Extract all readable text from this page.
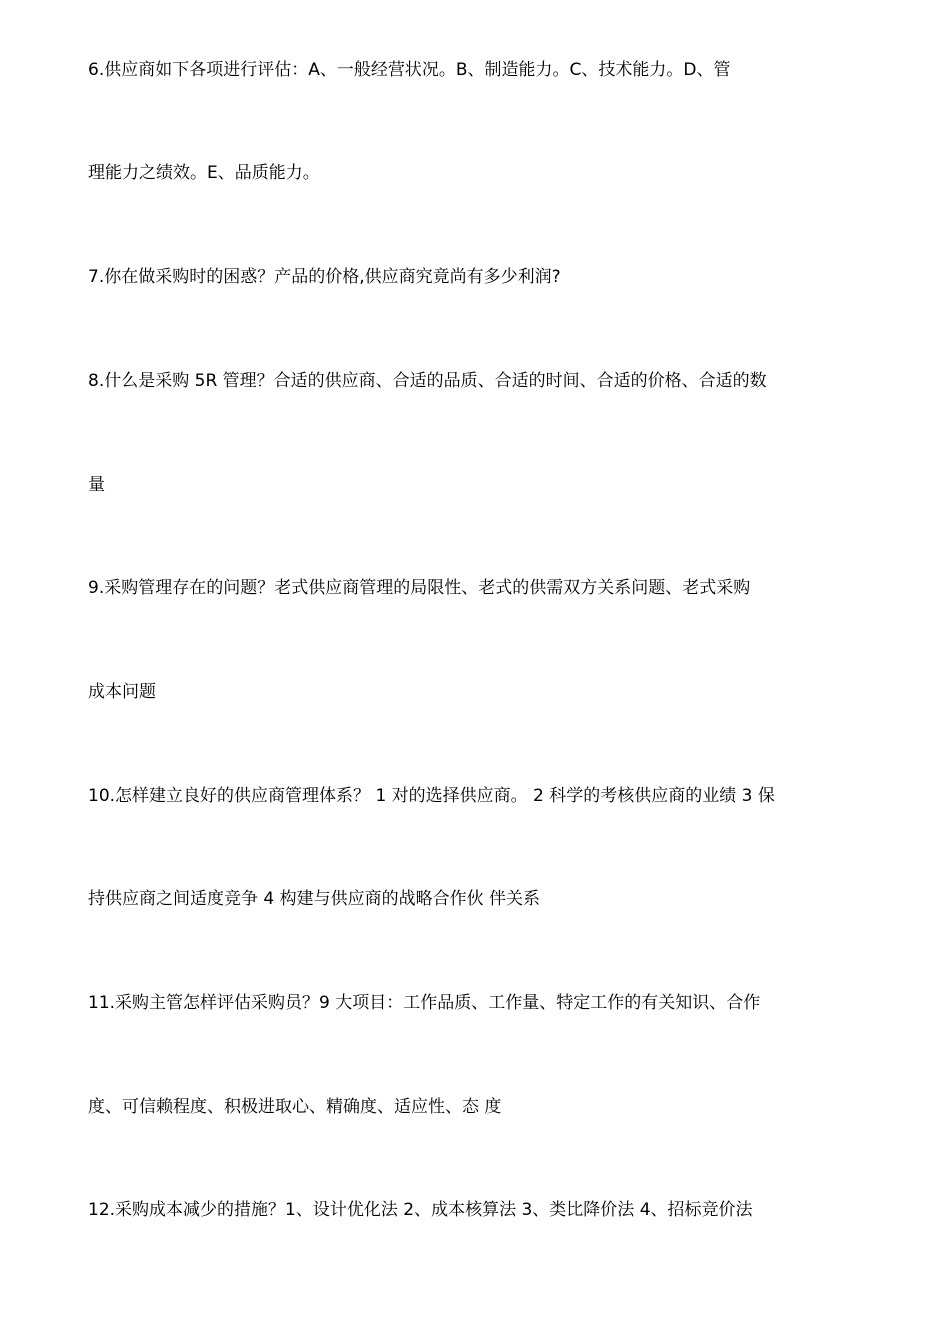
6.供应商如下各项进行评估：A、一般经营状况。B、制造能力。C、技术能力。D、管
理能力之绩效。E、品质能力。
7.你在做采购时的困惑？产品的价格,供应商究竟尚有多少利润?
8.什么是采购 5R 管理？合适的供应商、合适的品质、合适的时间、合适的价格、合适的数
量
9.采购管理存在的问题？老式供应商管理的局限性、老式的供需双方关系问题、老式采购
成本问题
10.怎样建立良好的供应商管理体系？ 1 对的选择供应商。 2 科学的考核供应商的业绩 3 保
持供应商之间适度竞争 4 构建与供应商的战略合作伙 伴关系
11.采购主管怎样评估采购员？9 大项目：工作品质、工作量、特定工作的有关知识、合作
度、可信赖程度、积极进取心、精确度、适应性、态 度
12.采购成本减少的措施？1、设计优化法 2、成本核算法 3、类比降价法 4、招标竞价法
